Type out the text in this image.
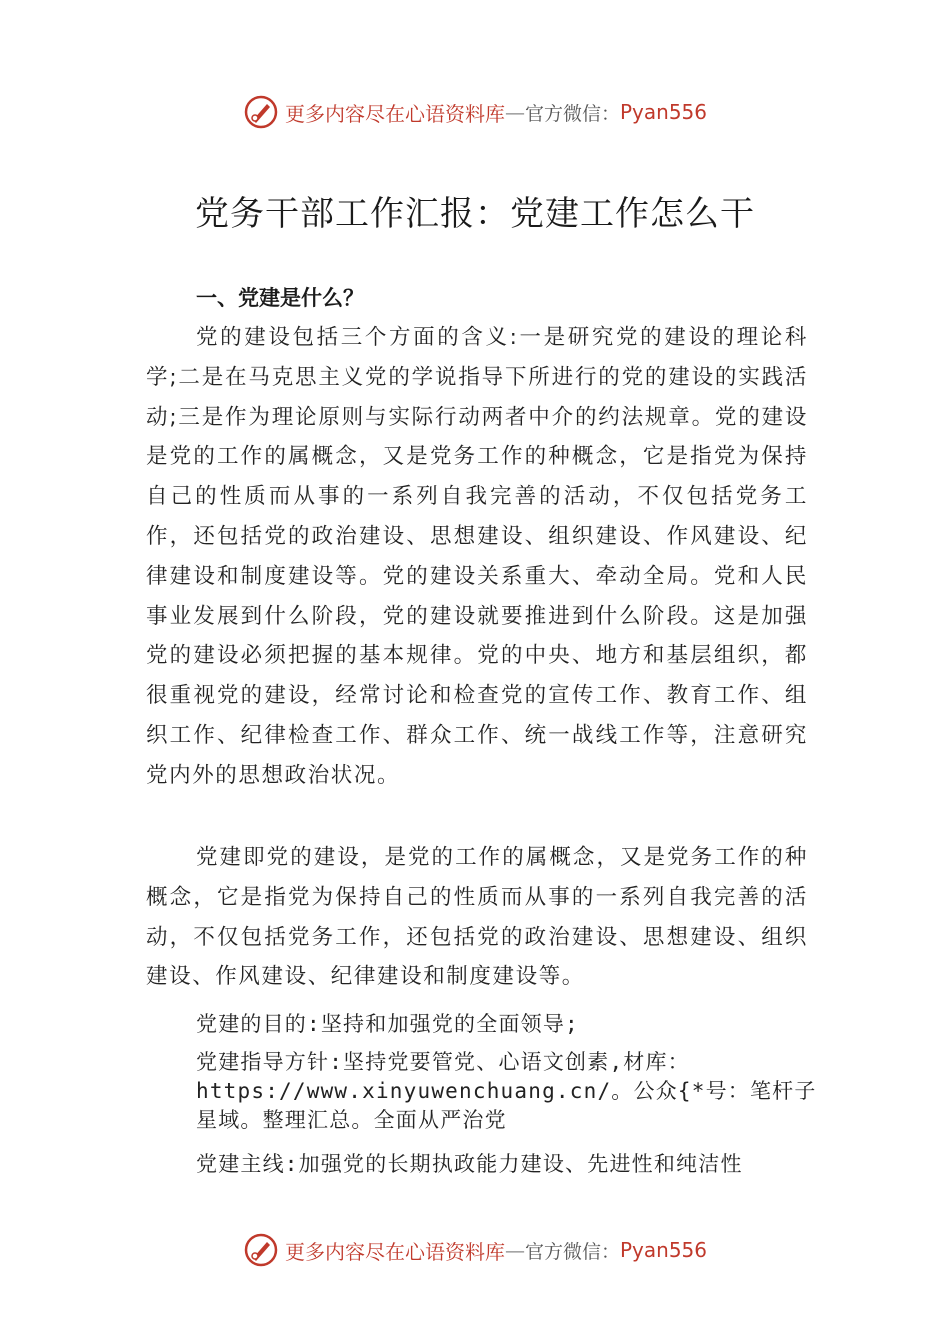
更多内容尽在心语资料库 — 官方微信： Pyan556
党务干部工作汇报：党建工作怎么干
一、党建是什么？
党的建设包括三个方面的含义:一是研究党的建设的理论科学;二是在马克思主义党的学说指导下所进行的党的建设的实践活动;三是作为理论原则与实际行动两者中介的约法规章。党的建设是党的工作的属概念，又是党务工作的种概念，它是指党为保持自己的性质而从事的一系列自我完善的活动，不仅包括党务工作，还包括党的政治建设、思想建设、组织建设、作风建设、纪律建设和制度建设等。党的建设关系重大、牵动全局。党和人民事业发展到什么阶段，党的建设就要推进到什么阶段。这是加强党的建设必须把握的基本规律。党的中央、地方和基层组织，都很重视党的建设，经常讨论和检查党的宣传工作、教育工作、组织工作、纪律检查工作、群众工作、统一战线工作等，注意研究党内外的思想政治状况。
党建即党的建设，是党的工作的属概念，又是党务工作的种概念，它是指党为保持自己的性质而从事的一系列自我完善的活动，不仅包括党务工作，还包括党的政治建设、思想建设、组织建设、作风建设、纪律建设和制度建设等。
党建的目的:坚持和加强党的全面领导;
党建指导方针:坚持党要管党、心语文创素,材库：https://www.xinyuwenchuang.cn/。公众{*号：笔杆子星域。整理汇总。全面从严治党
党建主线:加强党的长期执政能力建设、先进性和纯洁性
更多内容尽在心语资料库 — 官方微信： Pyan556
